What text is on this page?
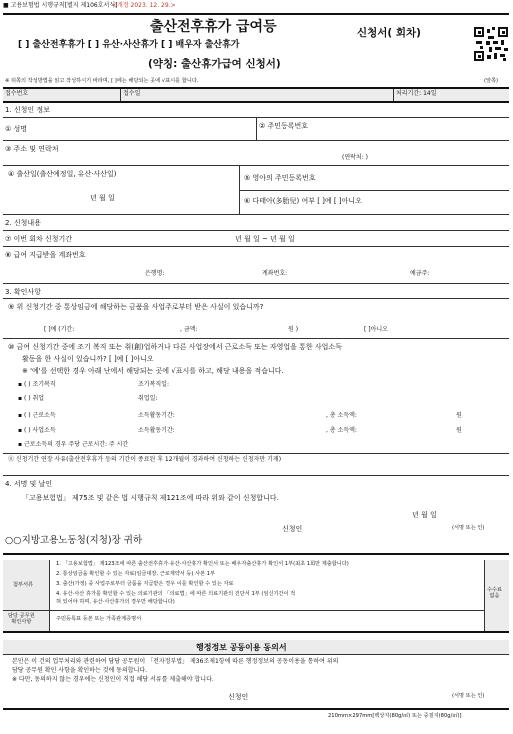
■ 고용보험법 시행규칙[별지 제106호서식]
<개정 2023. 12. 29.>
출산전후휴가 급여등	신청서( 회차)
[ ] 출산전후휴가 [ ] 유산·사산휴가 [ ] 배우자 출산휴가
(약칭: 출산휴가급여 신청서)
※ 뒤쪽의 작성방법을 읽고 작성하시기 바라며, [ ]에는 해당되는 곳에 √표시를 합니다.	(앞쪽)
접수번호	접수일	처리기간: 14일
1. 신청인 정보
① 성명	② 주민등록번호
③ 주소 및 연락처
(연락처: )
④ 출산일(출산예정일, 유산·사산일)
년 월 일
⑤ 영아의 주민등록번호
⑥ 다태아(多胎兒) 여부 [ ]예 [ ]아니오
2. 신청내용
⑦ 이번 회차 신청기간	년 월 일 ~ 년 월 일
⑧ 급여 지급받을 계좌번호
은행명:	계좌번호:	예금주:
3. 확인사항
⑨ 위 신청기간 중 통상임금에 해당하는 금품을 사업주로부터 받은 사실이 있습니까?
[ ]예 (기간:	, 금액:	원 )	[ ]아니오
⑩ 금여 신청기간 중에 조기 복직 또는 취(創)업하거나 다른 사업장에서 근로소득 또는 자영업을 통한 사업소득
활동을 한 사실이 있습니까? [ ]예 [ ]아니오
※ '예'를 선택한 경우 아래 난에서 해당되는 곳에 √표시를 하고, 해당 내용을 적습니다.
▪ ( ) 조기복직	조기복직일:
▪ ( ) 취업	취업일:
▪ ( ) 근로소득	소득활동기간:	, 총 소득액:	원
▪ ( ) 사업소득	소득활동기간:	, 총 소득액:	원
▪ 근로소득의 경우 주당 근로시간: 주 시간
⑪ 신청기간 연장 사유(출산전후휴가 등의 기간이 종료된 후 12개월이 경과하여 신청하는 신청자만 기재)
4. 서명 및 날인
「고용보험법」 제75조 및 같은 법 시행규칙 제121조에 따라 위와 같이 신청합니다.
년 월 일
신청인	(서명 또는 인)
○○지방고용노동청(지청)장 귀하
첨부서류
1. 「고용보험법」 제123조에 따른 출산전후휴가·유산·사산휴가 확인서 또는 배우자출산휴가 확인서 1부(최초 1회만 제출합니다)
2. 통상임금을 확인할 수 있는 자료(임금대장, 근로계약서 등) 사본 1부
3. 출산(가정) 중 사업주로부터 금품을 지급받은 경우 이를 확인할 수 있는 자료
4. 유산·사산 휴가를 확인할 수 있는 의료기관의 「의료법」에 따른 의료기관의 진단서 1부 (임신기간이 적
혀 있어야 하며, 유산·사산휴가의 경우만 해당합니다)
수수료
없음
담당 공무원
확인사항	주민등록표 등본 또는 가족관계증명서
행정정보 공동이용 동의서
본인은 이 건의 업무처리와 관련하여 담당 공무원이 「전자정부법」 제36조제1항에 따른 행정정보의 공동이용을 통하여 위의
담당 공무원 확인 사항을 확인하는 것에 동의합니다.
※ 다만, 동의하지 않는 경우에는 신청인이 직접 해당 서류를 제출해야 합니다.
신청인	(서명 또는 인)
210mm×297mm[백상지(80g/㎡) 또는 중질지(80g/㎡)]
